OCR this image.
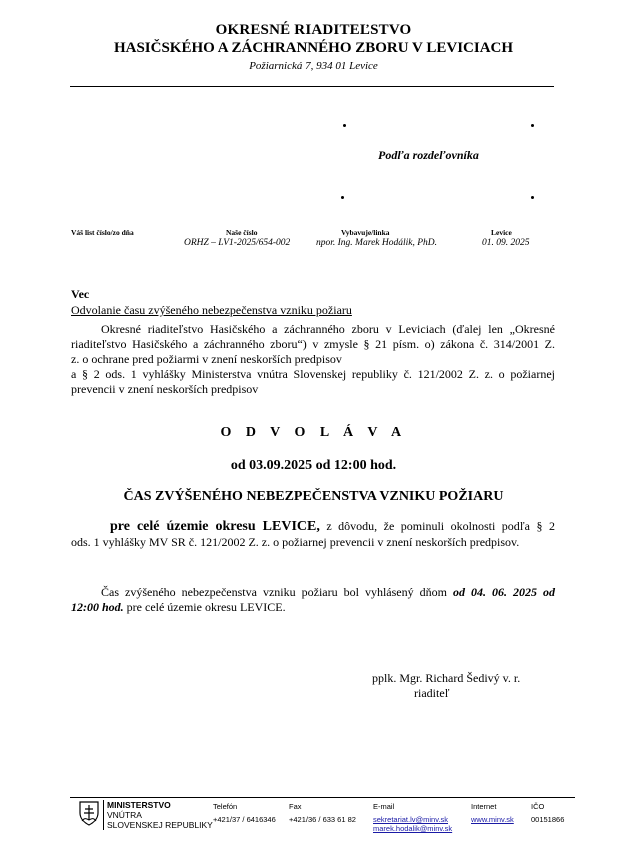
OKRESNÉ RIADITEĽSTVO
HASIČSKÉHO A ZÁCHRANNÉHO ZBORU V LEVICIACH
Požiarnická 7, 934 01 Levice
Podľa rozdeľovníka
Váš list číslo/zo dňa	Naše číslo
ORHZ – LV1-2025/654-002
Vybavuje/linka
npor. Ing. Marek Hodálik, PhD.
Levice
01. 09. 2025
Vec
Odvolanie času zvýšeného nebezpečenstva vzniku požiaru
Okresné riaditeľstvo Hasičského a záchranného zboru v Leviciach (ďalej len „Okresné
riaditeľstvo Hasičského a záchranného zboru“) v zmysle § 21 písm. o) zákona č. 314/2001 Z.
z. o ochrane pred požiarmi v znení neskorších predpisov
a § 2 ods. 1 vyhlášky Ministerstva vnútra Slovenskej republiky č. 121/2002 Z. z. o požiarnej
prevencii v znení neskorších predpisov
O D V O L Á V A
od 03.09.2025 od 12:00 hod.
ČAS ZVÝŠENÉHO NEBEZPEČENSTVA VZNIKU POŽIARU
pre celé územie okresu LEVICE, z dôvodu, že pominuli okolnosti podľa § 2
ods. 1 vyhlášky MV SR č. 121/2002 Z. z. o požiarnej prevencii v znení neskorších predpisov.
Čas zvýšeného nebezpečenstva vzniku požiaru bol vyhlásený dňom od 04. 06. 2025 od
12:00 hod. pre celé územie okresu LEVICE.
pplk. Mgr. Richard Šedivý v. r.
riaditeľ
MINISTERSTVO
VNÚTRA
SLOVENSKEJ REPUBLIKY
Telefón
+421/37 / 6416346
Fax
+421/36 / 633 61 82
E-mail
sekretariat.lv@minv.sk
marek.hodalik@minv.sk
Internet
www.minv.sk
IČO
00151866
